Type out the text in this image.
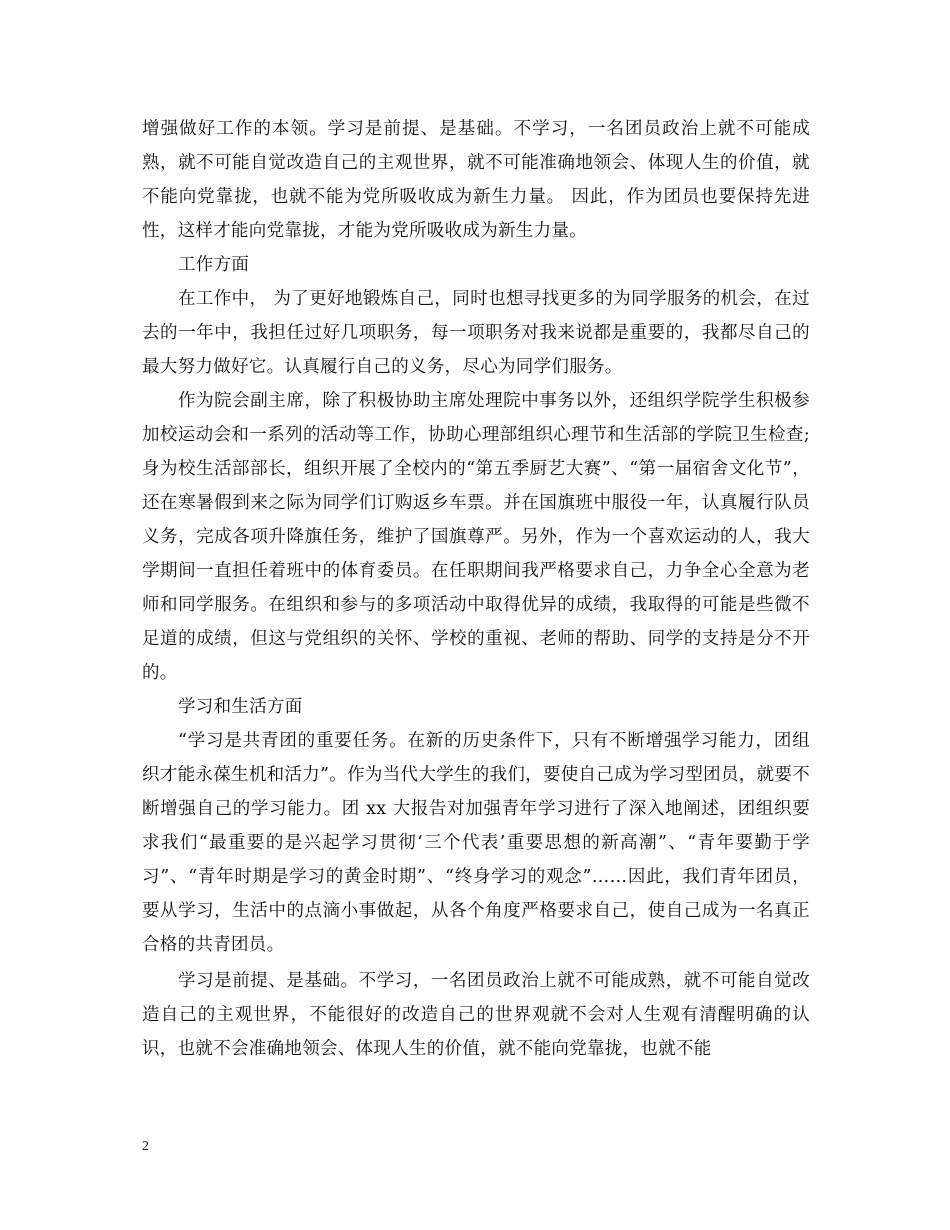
增强做好工作的本领。学习是前提、是基础。不学习，一名团员政治上就不可能成熟，就不可能自觉改造自己的主观世界，就不可能准确地领会、体现人生的价值，就不能向党靠拢，也就不能为党所吸收成为新生力量。 因此，作为团员也要保持先进性，这样才能向党靠拢，才能为党所吸收成为新生力量。

工作方面

在工作中， 为了更好地锻炼自己，同时也想寻找更多的为同学服务的机会，在过去的一年中，我担任过好几项职务，每一项职务对我来说都是重要的，我都尽自己的最大努力做好它。认真履行自己的义务，尽心为同学们服务。

作为院会副主席，除了积极协助主席处理院中事务以外，还组织学院学生积极参加校运动会和一系列的活动等工作，协助心理部组织心理节和生活部的学院卫生检查;身为校生活部部长，组织开展了全校内的“第五季厨艺大赛”、“第一届宿舍文化节”，还在寒暑假到来之际为同学们订购返乡车票。并在国旗班中服役一年，认真履行队员义务，完成各项升降旗任务，维护了国旗尊严。另外，作为一个喜欢运动的人，我大学期间一直担任着班中的体育委员。在任职期间我严格要求自己，力争全心全意为老师和同学服务。在组织和参与的多项活动中取得优异的成绩，我取得的可能是些微不足道的成绩，但这与党组织的关怀、学校的重视、老师的帮助、同学的支持是分不开的。

学习和生活方面

“学习是共青团的重要任务。在新的历史条件下，只有不断增强学习能力，团组织才能永葆生机和活力”。作为当代大学生的我们，要使自己成为学习型团员，就要不断增强自己的学习能力。团 xx 大报告对加强青年学习进行了深入地阐述，团组织要求我们“最重要的是兴起学习贯彻‘三个代表’重要思想的新高潮”、“青年要勤于学习”、“青年时期是学习的黄金时期”、“终身学习的观念”……因此，我们青年团员，要从学习，生活中的点滴小事做起，从各个角度严格要求自己，使自己成为一名真正合格的共青团员。

学习是前提、是基础。不学习，一名团员政治上就不可能成熟，就不可能自觉改造自己的主观世界，不能很好的改造自己的世界观就不会对人生观有清醒明确的认识，也就不会准确地领会、体现人生的价值，就不能向党靠拢，也就不能

2
